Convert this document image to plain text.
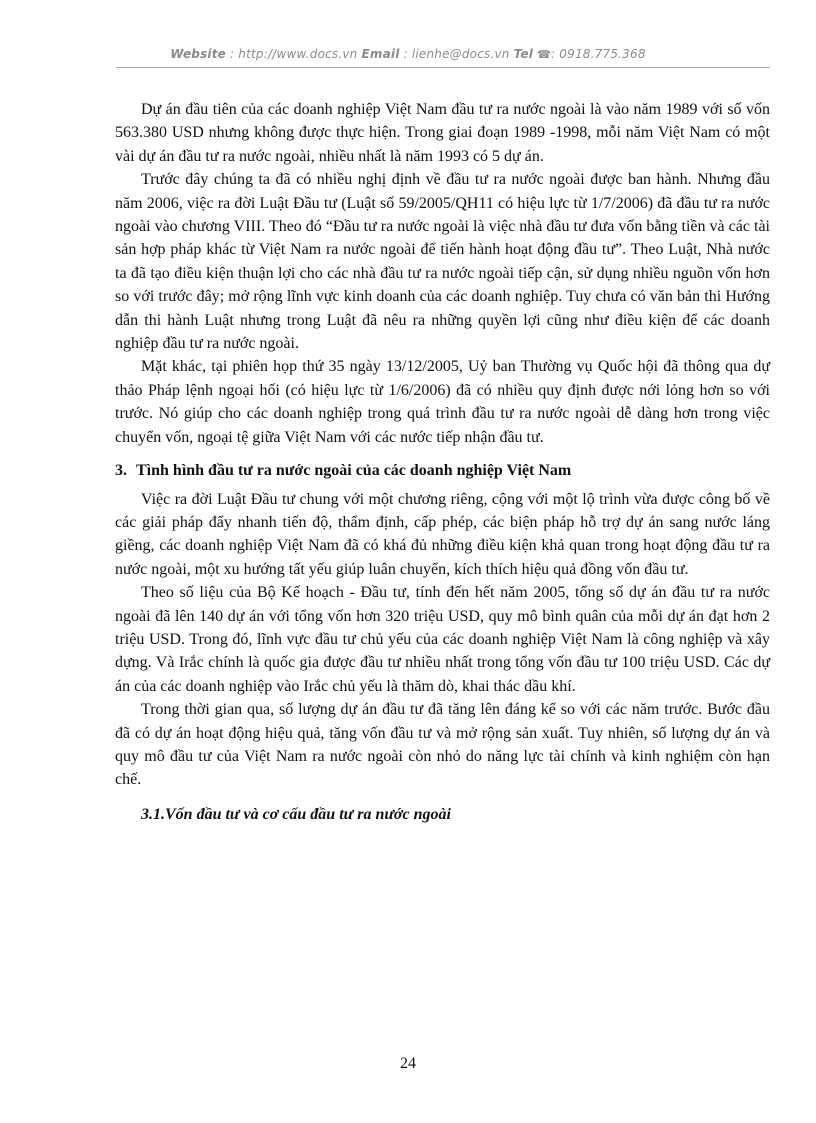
Website : http://www.docs.vn Email : lienhe@docs.vn Tel ☎: 0918.775.368

Dự án đầu tiên của các doanh nghiệp Việt Nam đầu tư ra nước ngoài là vào năm 1989 với số vốn 563.380 USD nhưng không được thực hiện. Trong giai đoạn 1989 -1998, mỗi năm Việt Nam có một vài dự án đầu tư ra nước ngoài, nhiều nhất là năm 1993 có 5 dự án.

Trước đây chúng ta đã có nhiều nghị định về đầu tư ra nước ngoài được ban hành. Nhưng đầu năm 2006, việc ra đời Luật Đầu tư (Luật số 59/2005/QH11 có hiệu lực từ 1/7/2006) đã đầu tư ra nước ngoài vào chương VIII. Theo đó “Đầu tư ra nước ngoài là việc nhà đầu tư đưa vốn bằng tiền và các tài sản hợp pháp khác từ Việt Nam ra nước ngoài để tiến hành hoạt động đầu tư”. Theo Luật, Nhà nước ta đã tạo điều kiện thuận lợi cho các nhà đầu tư ra nước ngoài tiếp cận, sử dụng nhiều nguồn vốn hơn so với trước đây; mở rộng lĩnh vực kinh doanh của các doanh nghiệp. Tuy chưa có văn bản thi Hướng dẫn thi hành Luật nhưng trong Luật đã nêu ra những quyền lợi cũng như điều kiện để các doanh nghiệp đầu tư ra nước ngoài.

Mặt khác, tại phiên họp thứ 35 ngày 13/12/2005, Uỷ ban Thường vụ Quốc hội đã thông qua dự thảo Pháp lệnh ngoại hối (có hiệu lực từ 1/6/2006) đã có nhiều quy định được nới lỏng hơn so với trước. Nó giúp cho các doanh nghiệp trong quá trình đầu tư ra nước ngoài dễ dàng hơn trong việc chuyển vốn, ngoại tệ giữa Việt Nam với các nước tiếp nhận đầu tư.

3. Tình hình đầu tư ra nước ngoài của các doanh nghiệp Việt Nam

Việc ra đời Luật Đầu tư chung với một chương riêng, cộng với một lộ trình vừa được công bố về các giải pháp đẩy nhanh tiến độ, thẩm định, cấp phép, các biện pháp hỗ trợ dự án sang nước láng giềng, các doanh nghiệp Việt Nam đã có khá đủ những điều kiện khả quan trong hoạt động đầu tư ra nước ngoài, một xu hướng tất yếu giúp luân chuyển, kích thích hiệu quả đồng vốn đầu tư.

Theo số liệu của Bộ Kế hoạch - Đầu tư, tính đến hết năm 2005, tổng số dự án đầu tư ra nước ngoài đã lên 140 dự án với tổng vốn hơn 320 triệu USD, quy mô bình quân của mỗi dự án đạt hơn 2 triệu USD. Trong đó, lĩnh vực đầu tư chủ yếu của các doanh nghiệp Việt Nam là công nghiệp và xây dựng. Và Irắc chính là quốc gia được đầu tư nhiều nhất trong tổng vốn đầu tư 100 triệu USD. Các dự án của các doanh nghiệp vào Irắc chủ yếu là thăm dò, khai thác dầu khí.

Trong thời gian qua, số lượng dự án đầu tư đã tăng lên đáng kể so với các năm trước. Bước đầu đã có dự án hoạt động hiệu quả, tăng vốn đầu tư và mở rộng sản xuất. Tuy nhiên, số lượng dự án và quy mô đầu tư của Việt Nam ra nước ngoài còn nhỏ do năng lực tài chính và kinh nghiệm còn hạn chế.

3.1.Vốn đầu tư và cơ cấu đầu tư ra nước ngoài
24
